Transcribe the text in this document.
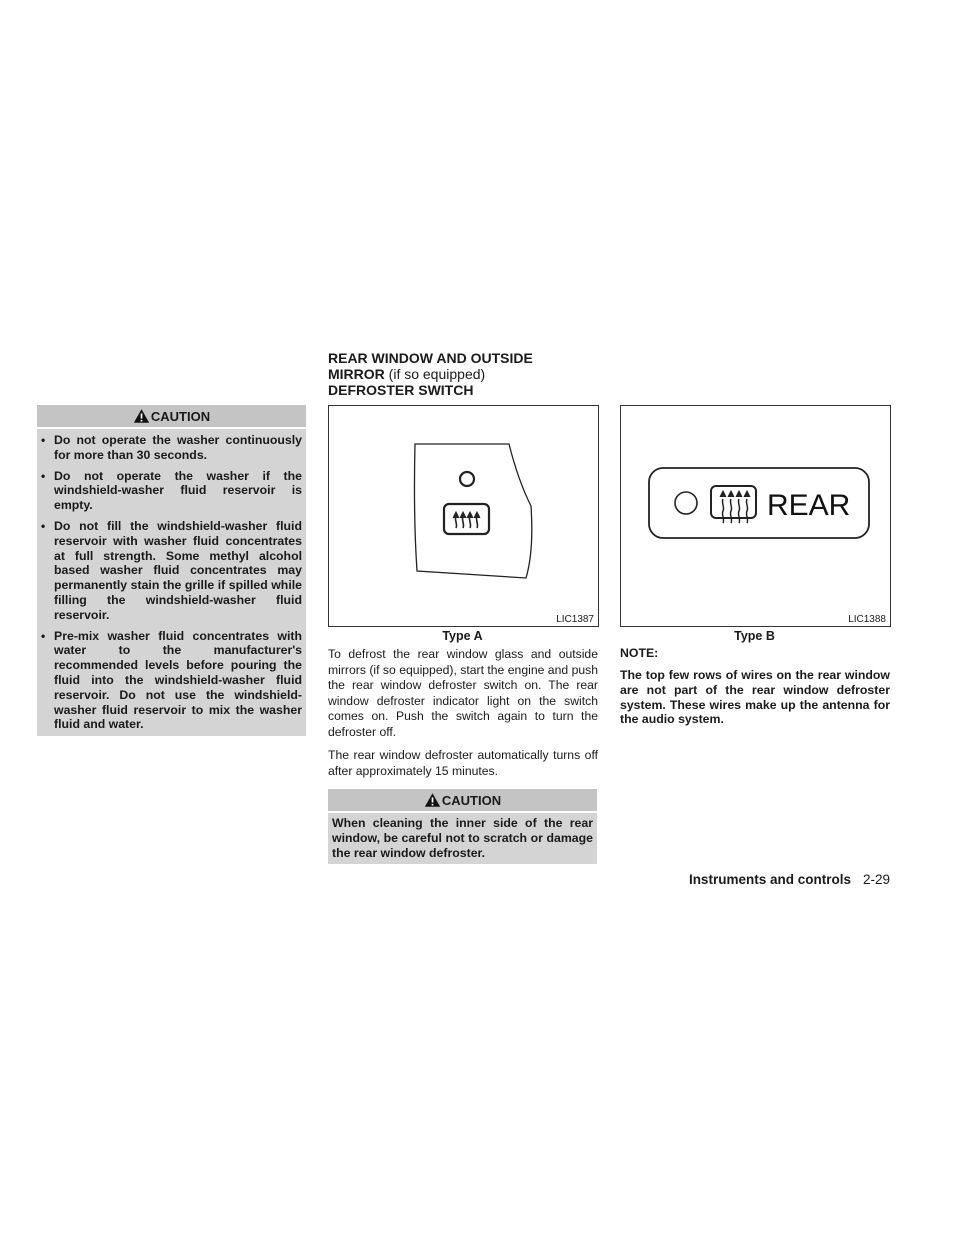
CAUTION
• Do not operate the washer continuously for more than 30 seconds.
• Do not operate the washer if the windshield-washer fluid reservoir is empty.
• Do not fill the windshield-washer fluid reservoir with washer fluid concentrates at full strength. Some methyl alcohol based washer fluid concentrates may permanently stain the grille if spilled while filling the windshield-washer fluid reservoir.
• Pre-mix washer fluid concentrates with water to the manufacturer's recommended levels before pouring the fluid into the windshield-washer fluid reservoir. Do not use the windshield-washer fluid reservoir to mix the washer fluid and water.
REAR WINDOW AND OUTSIDE
MIRROR (if so equipped)
DEFROSTER SWITCH
LIC1387
Type A
REAR
LIC1388
Type B

To defrost the rear window glass and outside mirrors (if so equipped), start the engine and push the rear window defroster switch on. The rear window defroster indicator light on the switch comes on. Push the switch again to turn the defroster off.

The rear window defroster automatically turns off after approximately 15 minutes.

CAUTION

When cleaning the inner side of the rear window, be careful not to scratch or damage the rear window defroster.

NOTE:

The top few rows of wires on the rear window are not part of the rear window defroster system. These wires make up the antenna for the audio system.

Instruments and controls 2-29
